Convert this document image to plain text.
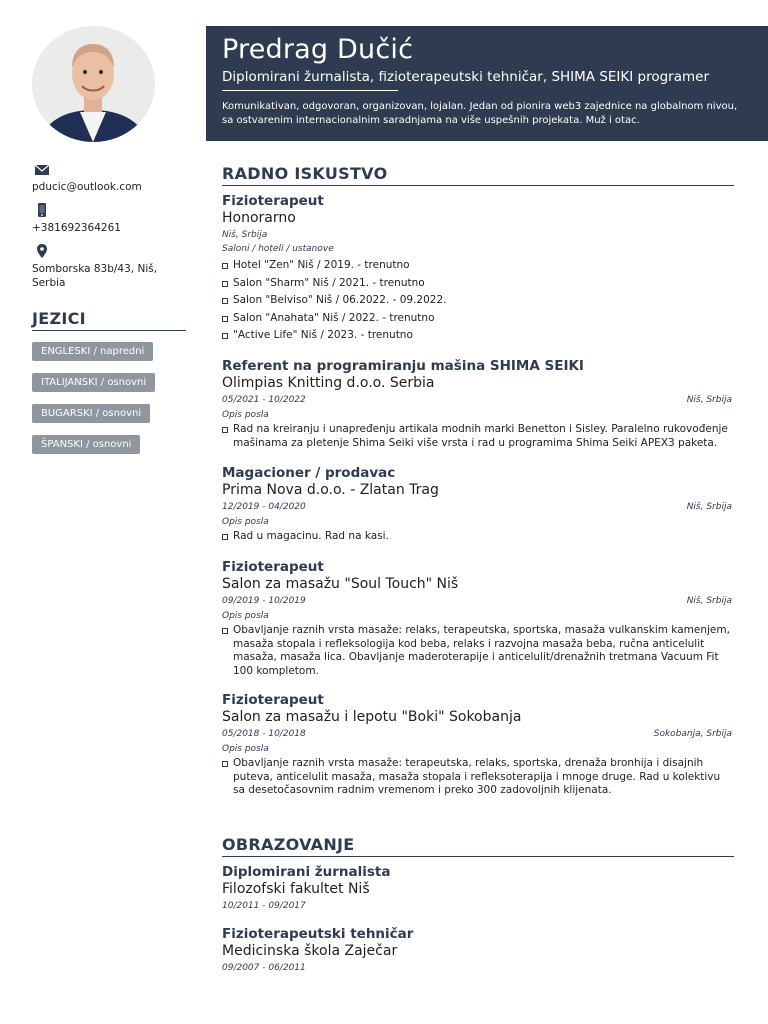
pducic@outlook.com
+381692364261
Somborska 83b/43, Niš, Serbia
JEZICI
ENGLESKI / napredni
ITALIJANSKI / osnovni
BUGARSKI / osnovni
ŠPANSKI / osnovni
Predrag Dučić
Diplomirani žurnalista, fizioterapeutski tehničar, SHIMA SEIKI programer
Komunikativan, odgovoran, organizovan, lojalan. Jedan od pionira web3 zajednice na globalnom nivou, sa ostvarenim internacionalnim saradnjama na više uspešnih projekata. Muž i otac.
RADNO ISKUSTVO
Fizioterapeut
Honorarno
Niš, Srbija
Saloni / hoteli / ustanove
Hotel "Zen" Niš / 2019. - trenutno
Salon "Sharm" Niš / 2021. - trenutno
Salon "Belviso" Niš / 06.2022. - 09.2022.
Salon "Anahata" Niš / 2022. - trenutno
"Active Life" Niš / 2023. - trenutno
Referent na programiranju mašina SHIMA SEIKI
Olimpias Knitting d.o.o. Serbia
05/2021 - 10/2022	Niš, Srbija
Opis posla
Rad na kreiranju i unapređenju artikala modnih marki Benetton i Sisley. Paralelno rukovođenje mašinama za pletenje Shima Seiki više vrsta i rad u programima Shima Seiki APEX3 paketa.
Magacioner / prodavac
Prima Nova d.o.o. - Zlatan Trag
12/2019 - 04/2020	Niš, Srbija
Opis posla
Rad u magacinu. Rad na kasi.
Fizioterapeut
Salon za masažu "Soul Touch" Niš
09/2019 - 10/2019	Niš, Srbija
Opis posla
Obavljanje raznih vrsta masaže: relaks, terapeutska, sportska, masaža vulkanskim kamenjem, masaža stopala i refleksologija kod beba, relaks i razvojna masaža beba, ručna anticelulit masaža, masaža lica. Obavljanje maderoterapije i anticelulit/drenažnih tretmana Vacuum Fit 100 kompletom.
Fizioterapeut
Salon za masažu i lepotu "Boki" Sokobanja
05/2018 - 10/2018	Sokobanja, Srbija
Opis posla
Obavljanje raznih vrsta masaže: terapeutska, relaks, sportska, drenaža bronhija i disajnih puteva, anticelulit masaža, masaža stopala i refleksoterapija i mnoge druge. Rad u kolektivu sa desetočasovnim radnim vremenom i preko 300 zadovoljnih klijenata.
OBRAZOVANJE
Diplomirani žurnalista
Filozofski fakultet Niš
10/2011 - 09/2017
Fizioterapeutski tehničar
Medicinska škola Zaječar
09/2007 - 06/2011
